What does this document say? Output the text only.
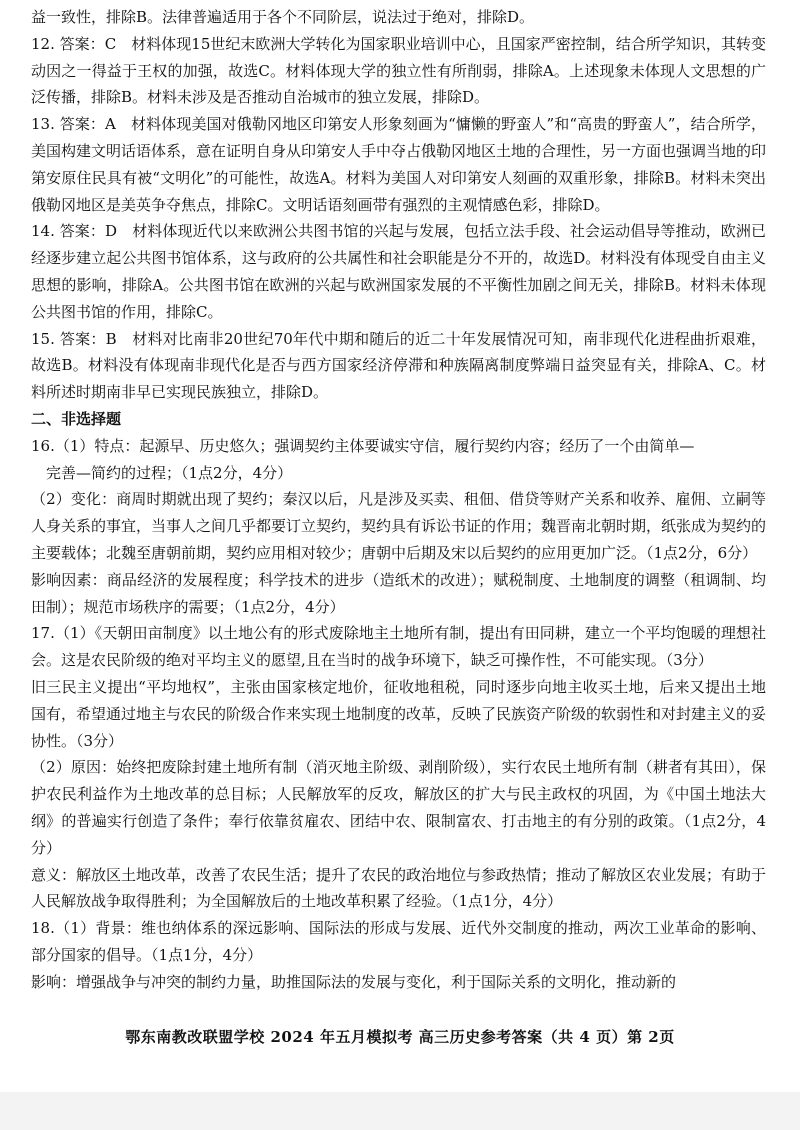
益一致性，排除B。法律普遍适用于各个不同阶层，说法过于绝对，排除D。

12. 答案：C　材料体现15世纪末欧洲大学转化为国家职业培训中心，且国家严密控制，结合所学知识，其转变动因之一得益于王权的加强，故选C。材料体现大学的独立性有所削弱，排除A。上述现象未体现人文思想的广泛传播，排除B。材料未涉及是否推动自治城市的独立发展，排除D。

13. 答案：A　材料体现美国对俄勒冈地区印第安人形象刻画为“慵懒的野蛮人”和“高贵的野蛮人”，结合所学，美国构建文明话语体系，意在证明自身从印第安人手中夺占俄勒冈地区土地的合理性，另一方面也强调当地的印第安原住民具有被“文明化”的可能性，故选A。材料为美国人对印第安人刻画的双重形象，排除B。材料未突出俄勒冈地区是美英争夺焦点，排除C。文明话语刻画带有强烈的主观情感色彩，排除D。

14. 答案：D　材料体现近代以来欧洲公共图书馆的兴起与发展，包括立法手段、社会运动倡导等推动，欧洲已经逐步建立起公共图书馆体系，这与政府的公共属性和社会职能是分不开的，故选D。材料没有体现受自由主义思想的影响，排除A。公共图书馆在欧洲的兴起与欧洲国家发展的不平衡性加剧之间无关，排除B。材料未体现公共图书馆的作用，排除C。

15. 答案：B　材料对比南非20世纪70年代中期和随后的近二十年发展情况可知，南非现代化进程曲折艰难，故选B。材料没有体现南非现代化是否与西方国家经济停滞和种族隔离制度弊端日益突显有关，排除A、C。材料所述时期南非早已实现民族独立，排除D。

二、非选择题

16.（1）特点：起源早、历史悠久；强调契约主体要诚实守信，履行契约内容；经历了一个由简单—

完善—简约的过程；（1点2分，4分）

（2）变化：商周时期就出现了契约；秦汉以后，凡是涉及买卖、租佃、借贷等财产关系和收养、雇佣、立嗣等人身关系的事宜，当事人之间几乎都要订立契约，契约具有诉讼书证的作用；魏晋南北朝时期，纸张成为契约的主要载体；北魏至唐朝前期，契约应用相对较少；唐朝中后期及宋以后契约的应用更加广泛。（1点2分，6分）

影响因素：商品经济的发展程度；科学技术的进步（造纸术的改进）；赋税制度、土地制度的调整（租调制、均田制）；规范市场秩序的需要；（1点2分，4分）

17.（1）《天朝田亩制度》以土地公有的形式废除地主土地所有制，提出有田同耕，建立一个平均饱暖的理想社会。这是农民阶级的绝对平均主义的愿望,且在当时的战争环境下，缺乏可操作性，不可能实现。（3分）

旧三民主义提出“平均地权”，主张由国家核定地价，征收地租税，同时逐步向地主收买土地，后来又提出土地国有，希望通过地主与农民的阶级合作来实现土地制度的改革，反映了民族资产阶级的软弱性和对封建主义的妥协性。（3分）

（2）原因：始终把废除封建土地所有制（消灭地主阶级、剥削阶级），实行农民土地所有制（耕者有其田），保护农民利益作为土地改革的总目标；人民解放军的反攻，解放区的扩大与民主政权的巩固，为《中国土地法大纲》的普遍实行创造了条件；奉行依靠贫雇农、团结中农、限制富农、打击地主的有分别的政策。（1点2分，4分）

意义：解放区土地改革，改善了农民生活；提升了农民的政治地位与参政热情；推动了解放区农业发展；有助于人民解放战争取得胜利；为全国解放后的土地改革积累了经验。（1点1分，4分）

18.（1）背景：维也纳体系的深远影响、国际法的形成与发展、近代外交制度的推动，两次工业革命的影响、部分国家的倡导。（1点1分，4分）

影响：增强战争与冲突的制约力量，助推国际法的发展与变化，利于国际关系的文明化，推动新的

鄂东南教改联盟学校 2024 年五月模拟考 高三历史参考答案（共 4 页）第 2页
